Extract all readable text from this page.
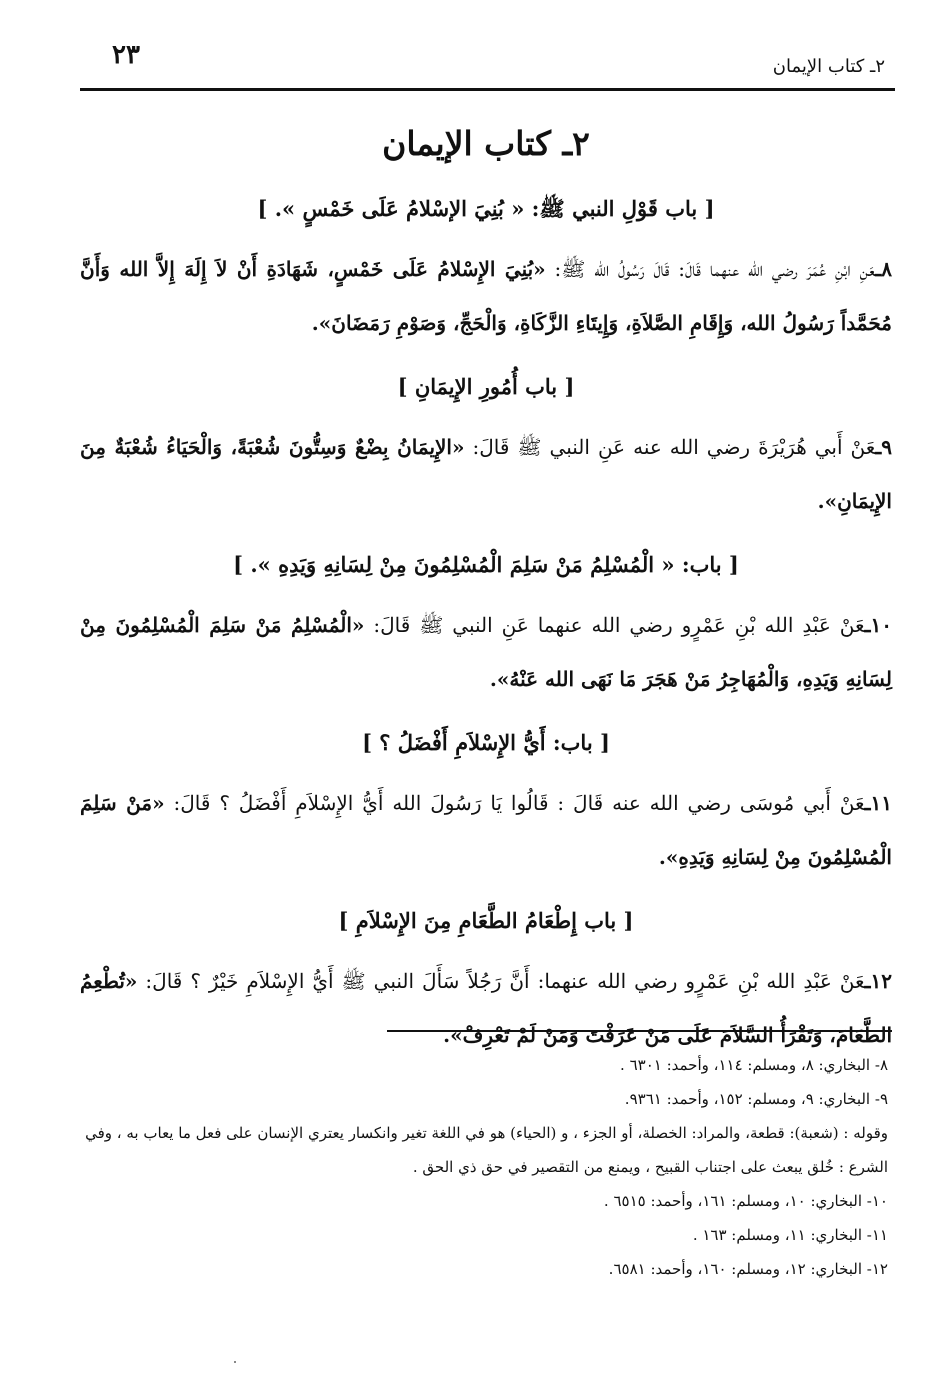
٢٣	٢ـ كتاب الإيمان
٢ـ كتاب الإيمان
[ باب قَوْلِ النبي ﷺ: « بُنِيَ الإسْلامُ عَلَى خَمْسٍ ». ]

٨ـعَنِ ابْنِ عُمَرَ رضي الله عنهما قَالَ: قَالَ رَسُولُ الله ﷺ: «بُنِيَ الإِسْلامُ عَلَى خَمْسٍ، شَهَادَةِ أَنْ لاَ إِلَهَ إِلاَّ الله وَأَنَّ مُحَمَّداً رَسُولُ الله، وَإِقَامِ الصَّلاَةِ، وَإِيتَاءِ الزَّكَاةِ، وَالْحَجِّ، وَصَوْمِ رَمَضَانَ».

[ باب أُمُورِ الإِيمَانِ ]

٩ـعَنْ أَبي هُرَيْرَةَ رضي الله عنه عَنِ النبي ﷺ قَالَ: «الإِيمَانُ بِضْعٌ وَسِتُّونَ شُعْبَةً، وَالْحَيَاءُ شُعْبَةٌ مِنَ الإِيمَانِ».

[ باب: « الْمُسْلِمُ مَنْ سَلِمَ الْمُسْلِمُونَ مِنْ لِسَانِهِ وَيَدِهِ ». ]

١٠ـعَنْ عَبْدِ الله بْنِ عَمْرٍو رضي الله عنهما عَنِ النبي ﷺ قَالَ: «الْمُسْلِمُ مَنْ سَلِمَ الْمُسْلِمُونَ مِنْ لِسَانِهِ وَيَدِهِ، وَالْمُهَاجِرُ مَنْ هَجَرَ مَا نَهَى الله عَنْهُ».

[ باب: أَيُّ الإِسْلاَمِ أَفْضَلُ ؟ ]

١١ـعَنْ أَبي مُوسَى رضي الله عنه قَالَ : قَالُوا يَا رَسُولَ الله أَيُّ الإِسْلاَمِ أَفْضَلُ ؟ قَالَ: «مَنْ سَلِمَ الْمُسْلِمُونَ مِنْ لِسَانِهِ وَيَدِهِ».

[ باب إِطْعَامُ الطَّعَامِ مِنَ الإِسْلاَمِ ]

١٢ـعَنْ عَبْدِ الله بْنِ عَمْرٍو رضي الله عنهما: أَنَّ رَجُلاً سَأَلَ النبي ﷺ أَيُّ الإِسْلاَمِ خَيْرٌ ؟ قَالَ: «تُطْعِمُ الطَّعَامَ، وَتَقْرَأُ السَّلاَمَ عَلَى مَنْ عَرَفْتَ وَمَنْ لَمْ تَعْرِفْ».

٨- البخاري: ٨، ومسلم: ١١٤، وأحمد: ٦٣٠١ .

٩- البخاري: ٩، ومسلم: ١٥٢، وأحمد: ٩٣٦١.

وقوله : (شعبة): قطعة، والمراد: الخصلة، أو الجزء ، و (الحياء) هو في اللغة تغير وانكسار يعتري الإنسان على فعل ما يعاب به ، وفي الشرع : خُلق يبعث على اجتناب القبيح ، ويمنع من التقصير في حق ذي الحق .

١٠- البخاري: ١٠، ومسلم: ١٦١، وأحمد: ٦٥١٥ .

١١- البخاري: ١١، ومسلم: ١٦٣ .

١٢- البخاري: ١٢، ومسلم: ١٦٠، وأحمد: ٦٥٨١.
